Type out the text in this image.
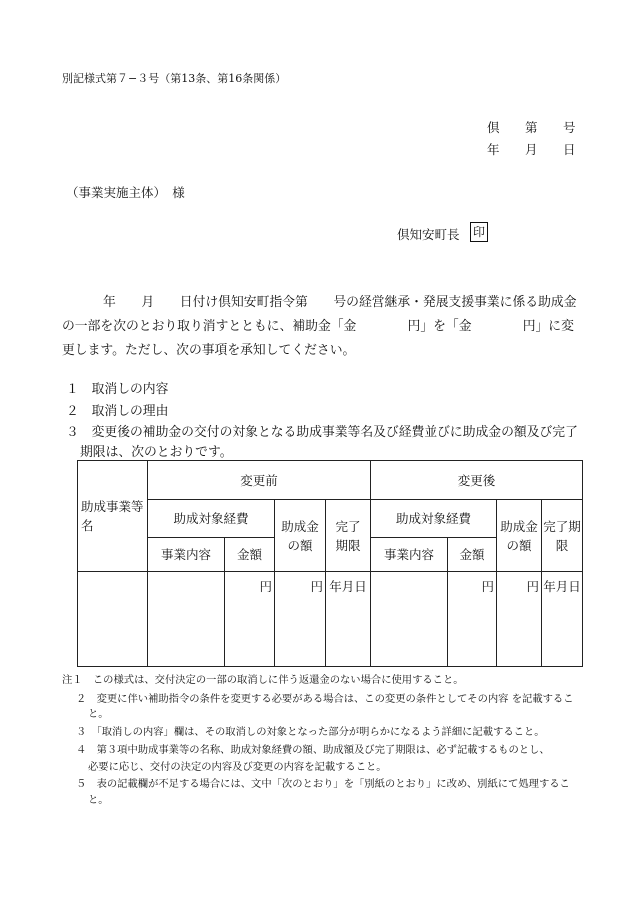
別記様式第７−３号（第13条、第16条関係）
倶 第 号
年 月 日
（事業実施主体）　様
倶知安町長 印
年　　月　　日付け倶知安町指令第　　号の経営継承・発展支援事業に係る助成金
の一部を次のとおり取り消すとともに、補助金「金　　　　円」を「金　　　　円」に変
更します。ただし、次の事項を承知してください。
１　取消しの内容
２　取消しの理由
３　変更後の補助金の交付の対象となる助成事業等名及び経費並びに助成金の額及び完了
期限は、次のとおりです。
助成事業等名	変更前				変更後			
	助成対象経費		助成金の額	完了期限	助成対象経費		助成金の額	完了期限
	事業内容	金額			事業内容	金額		
		円	円	年月日		円	円	年月日
注１　この様式は、交付決定の一部の取消しに伴う返還金のない場合に使用すること。
２　変更に伴い補助指令の条件を変更する必要がある場合は、この変更の条件としてその内容 を記載するこ
と。
３　「取消しの内容」欄は、その取消しの対象となった部分が明らかになるよう詳細に記載すること。
４　第３項中助成事業等の名称、助成対象経費の額、助成額及び完了期限は、必ず記載するものとし、
必要に応じ、交付の決定の内容及び変更の内容を記載すること。
５　表の記載欄が不足する場合には、文中「次のとおり」を「別紙のとおり」に改め、別紙にて処理するこ
と。
